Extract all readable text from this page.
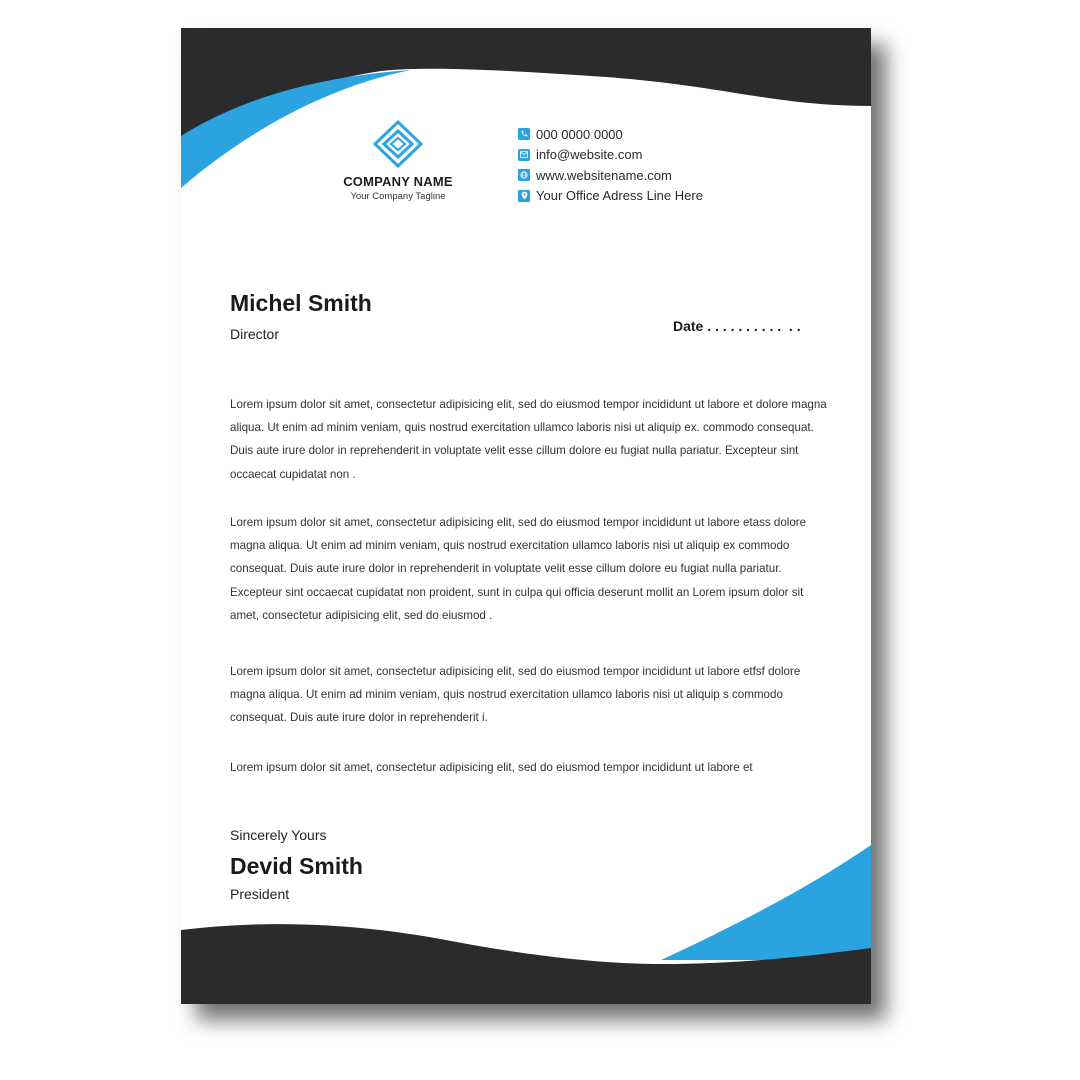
COMPANY NAME
Your Company Tagline
000 0000 0000
info@website.com
www.websitename.com
Your Office Adress Line Here
Michel Smith
Director	Date . . . . . . . . . .  . .

Lorem ipsum dolor sit amet, consectetur adipisicing elit, sed do eiusmod tempor incididunt ut labore et dolore magna aliqua. Ut enim ad minim veniam, quis nostrud exercitation ullamco laboris nisi ut aliquip ex. commodo consequat. Duis aute irure dolor in reprehenderit in voluptate velit esse cillum dolore eu fugiat nulla pariatur. Excepteur sint occaecat cupidatat non .

Lorem ipsum dolor sit amet, consectetur adipisicing elit, sed do eiusmod tempor incididunt ut labore etass dolore magna aliqua. Ut enim ad minim veniam, quis nostrud exercitation ullamco laboris nisi ut aliquip ex commodo consequat. Duis aute irure dolor in reprehenderit in voluptate velit esse cillum dolore eu fugiat nulla pariatur. Excepteur sint occaecat cupidatat non proident, sunt in culpa qui officia deserunt mollit an Lorem ipsum dolor sit amet, consectetur adipisicing elit, sed do eiusmod .

Lorem ipsum dolor sit amet, consectetur adipisicing elit, sed do eiusmod tempor incididunt ut labore etfsf dolore magna aliqua. Ut enim ad minim veniam, quis nostrud exercitation ullamco laboris nisi ut aliquip s commodo consequat. Duis aute irure dolor in reprehenderit i.

Lorem ipsum dolor sit amet, consectetur adipisicing elit, sed do eiusmod tempor incididunt ut labore et

Sincerely Yours
Devid Smith
President
